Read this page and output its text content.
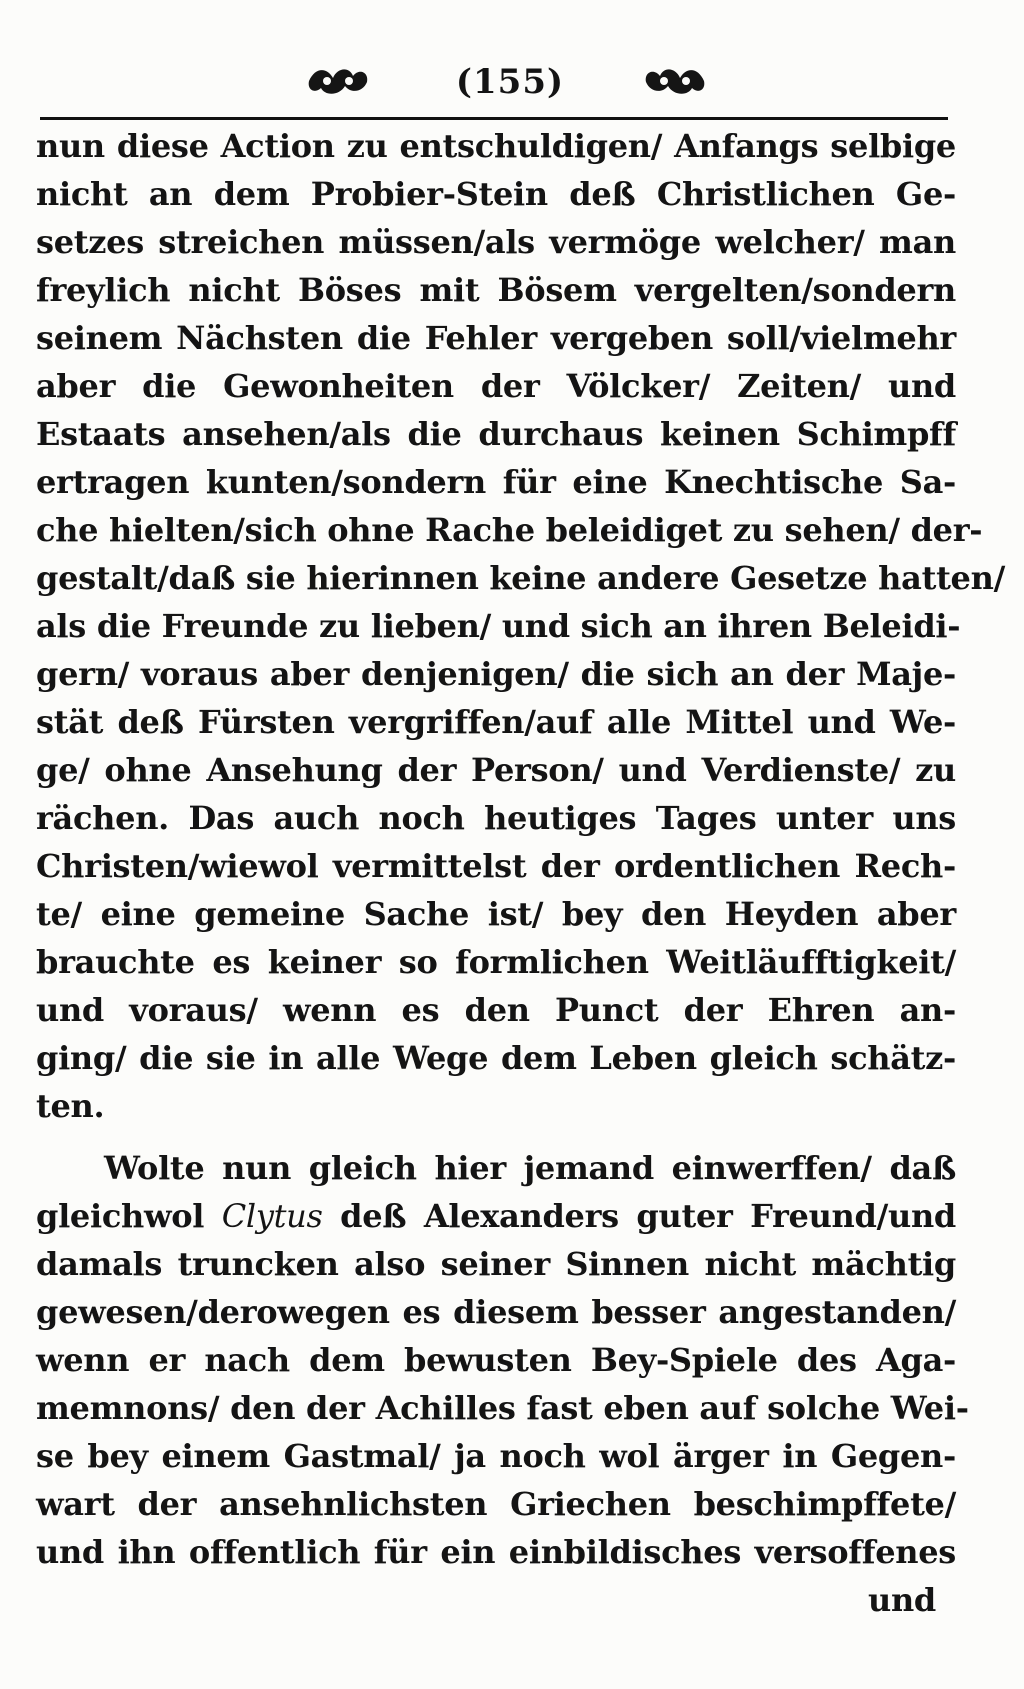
(155)
nun diese Action zu entschuldigen/ Anfangs selbige
nicht an dem Probier-Stein deß Christlichen Ge-
setzes streichen müssen/als vermöge welcher/ man
freylich nicht Böses mit Bösem vergelten/sondern
seinem Nächsten die Fehler vergeben soll/vielmehr
aber die Gewonheiten der Völcker/ Zeiten/ und
Estaats ansehen/als die durchaus keinen Schimpff
ertragen kunten/sondern für eine Knechtische Sa-
che hielten/sich ohne Rache beleidiget zu sehen/ der-
gestalt/daß sie hierinnen keine andere Gesetze hatten/
als die Freunde zu lieben/ und sich an ihren Beleidi-
gern/ voraus aber denjenigen/ die sich an der Maje-
stät deß Fürsten vergriffen/auf alle Mittel und We-
ge/ ohne Ansehung der Person/ und Verdienste/ zu
rächen. Das auch noch heutiges Tages unter uns
Christen/wiewol vermittelst der ordentlichen Rech-
te/ eine gemeine Sache ist/ bey den Heyden aber
brauchte es keiner so formlichen Weitläufftigkeit/
und voraus/ wenn es den Punct der Ehren an-
ging/ die sie in alle Wege dem Leben gleich schätz-
ten.
Wolte nun gleich hier jemand einwerffen/ daß
gleichwol Clytus deß Alexanders guter Freund/und
damals truncken also seiner Sinnen nicht mächtig
gewesen/derowegen es diesem besser angestanden/
wenn er nach dem bewusten Bey-Spiele des Aga-
memnons/ den der Achilles fast eben auf solche Wei-
se bey einem Gastmal/ ja noch wol ärger in Gegen-
wart der ansehnlichsten Griechen beschimpffete/
und ihn offentlich für ein einbildisches versoffenes
und
